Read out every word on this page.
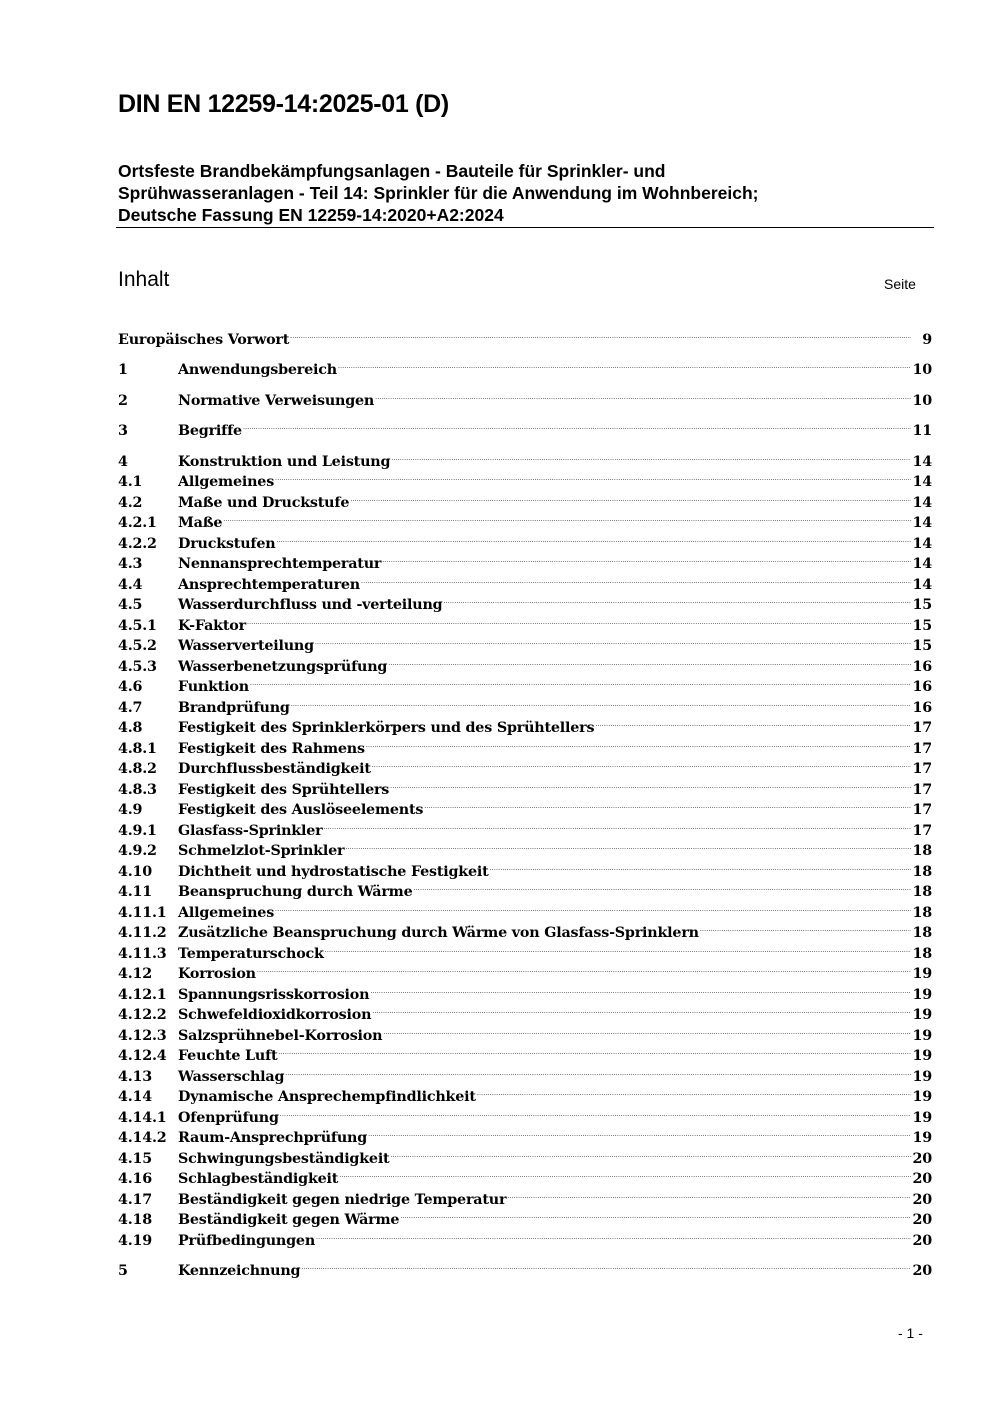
DIN EN 12259-14:2025-01 (D)
Ortsfeste Brandbekämpfungsanlagen - Bauteile für Sprinkler- und
Sprühwasseranlagen - Teil 14: Sprinkler für die Anwendung im Wohnbereich;
Deutsche Fassung EN 12259-14:2020+A2:2024
Inhalt	Seite
Europäisches Vorwort .....	9
1	Anwendungsbereich .....	10
2	Normative Verweisungen .....	10
3	Begriffe .....	11
4	Konstruktion und Leistung .....	14
4.1	Allgemeines .....	14
4.2	Maße und Druckstufe .....	14
4.2.1	Maße .....	14
4.2.2	Druckstufen .....	14
4.3	Nennansprechtemperatur .....	14
4.4	Ansprechtemperaturen .....	14
4.5	Wasserdurchfluss und -verteilung .....	15
4.5.1	K-Faktor .....	15
4.5.2	Wasserverteilung .....	15
4.5.3	Wasserbenetzungsprüfung .....	16
4.6	Funktion .....	16
4.7	Brandprüfung .....	16
4.8	Festigkeit des Sprinklerkörpers und des Sprühtellers .....	17
4.8.1	Festigkeit des Rahmens .....	17
4.8.2	Durchflussbeständigkeit .....	17
4.8.3	Festigkeit des Sprühtellers .....	17
4.9	Festigkeit des Auslöseelements .....	17
4.9.1	Glasfass-Sprinkler .....	17
4.9.2	Schmelzlot-Sprinkler .....	18
4.10	Dichtheit und hydrostatische Festigkeit .....	18
4.11	Beanspruchung durch Wärme .....	18
4.11.1 Allgemeines .....	18
4.11.2 Zusätzliche Beanspruchung durch Wärme von Glasfass-Sprinklern .....	18
4.11.3 Temperaturschock .....	18
4.12	Korrosion .....	19
4.12.1 Spannungsrisskorrosion .....	19
4.12.2 Schwefeldioxidkorrosion .....	19
4.12.3 Salzsprühnebel-Korrosion .....	19
4.12.4 Feuchte Luft .....	19
4.13	Wasserschlag .....	19
4.14	Dynamische Ansprechempfindlichkeit .....	19
4.14.1 Ofenprüfung .....	19
4.14.2 Raum-Ansprechprüfung .....	19
4.15	Schwingungsbeständigkeit .....	20
4.16	Schlagbeständigkeit .....	20
4.17	Beständigkeit gegen niedrige Temperatur .....	20
4.18	Beständigkeit gegen Wärme .....	20
4.19	Prüfbedingungen .....	20
5	Kennzeichnung .....	20
- 1 -
